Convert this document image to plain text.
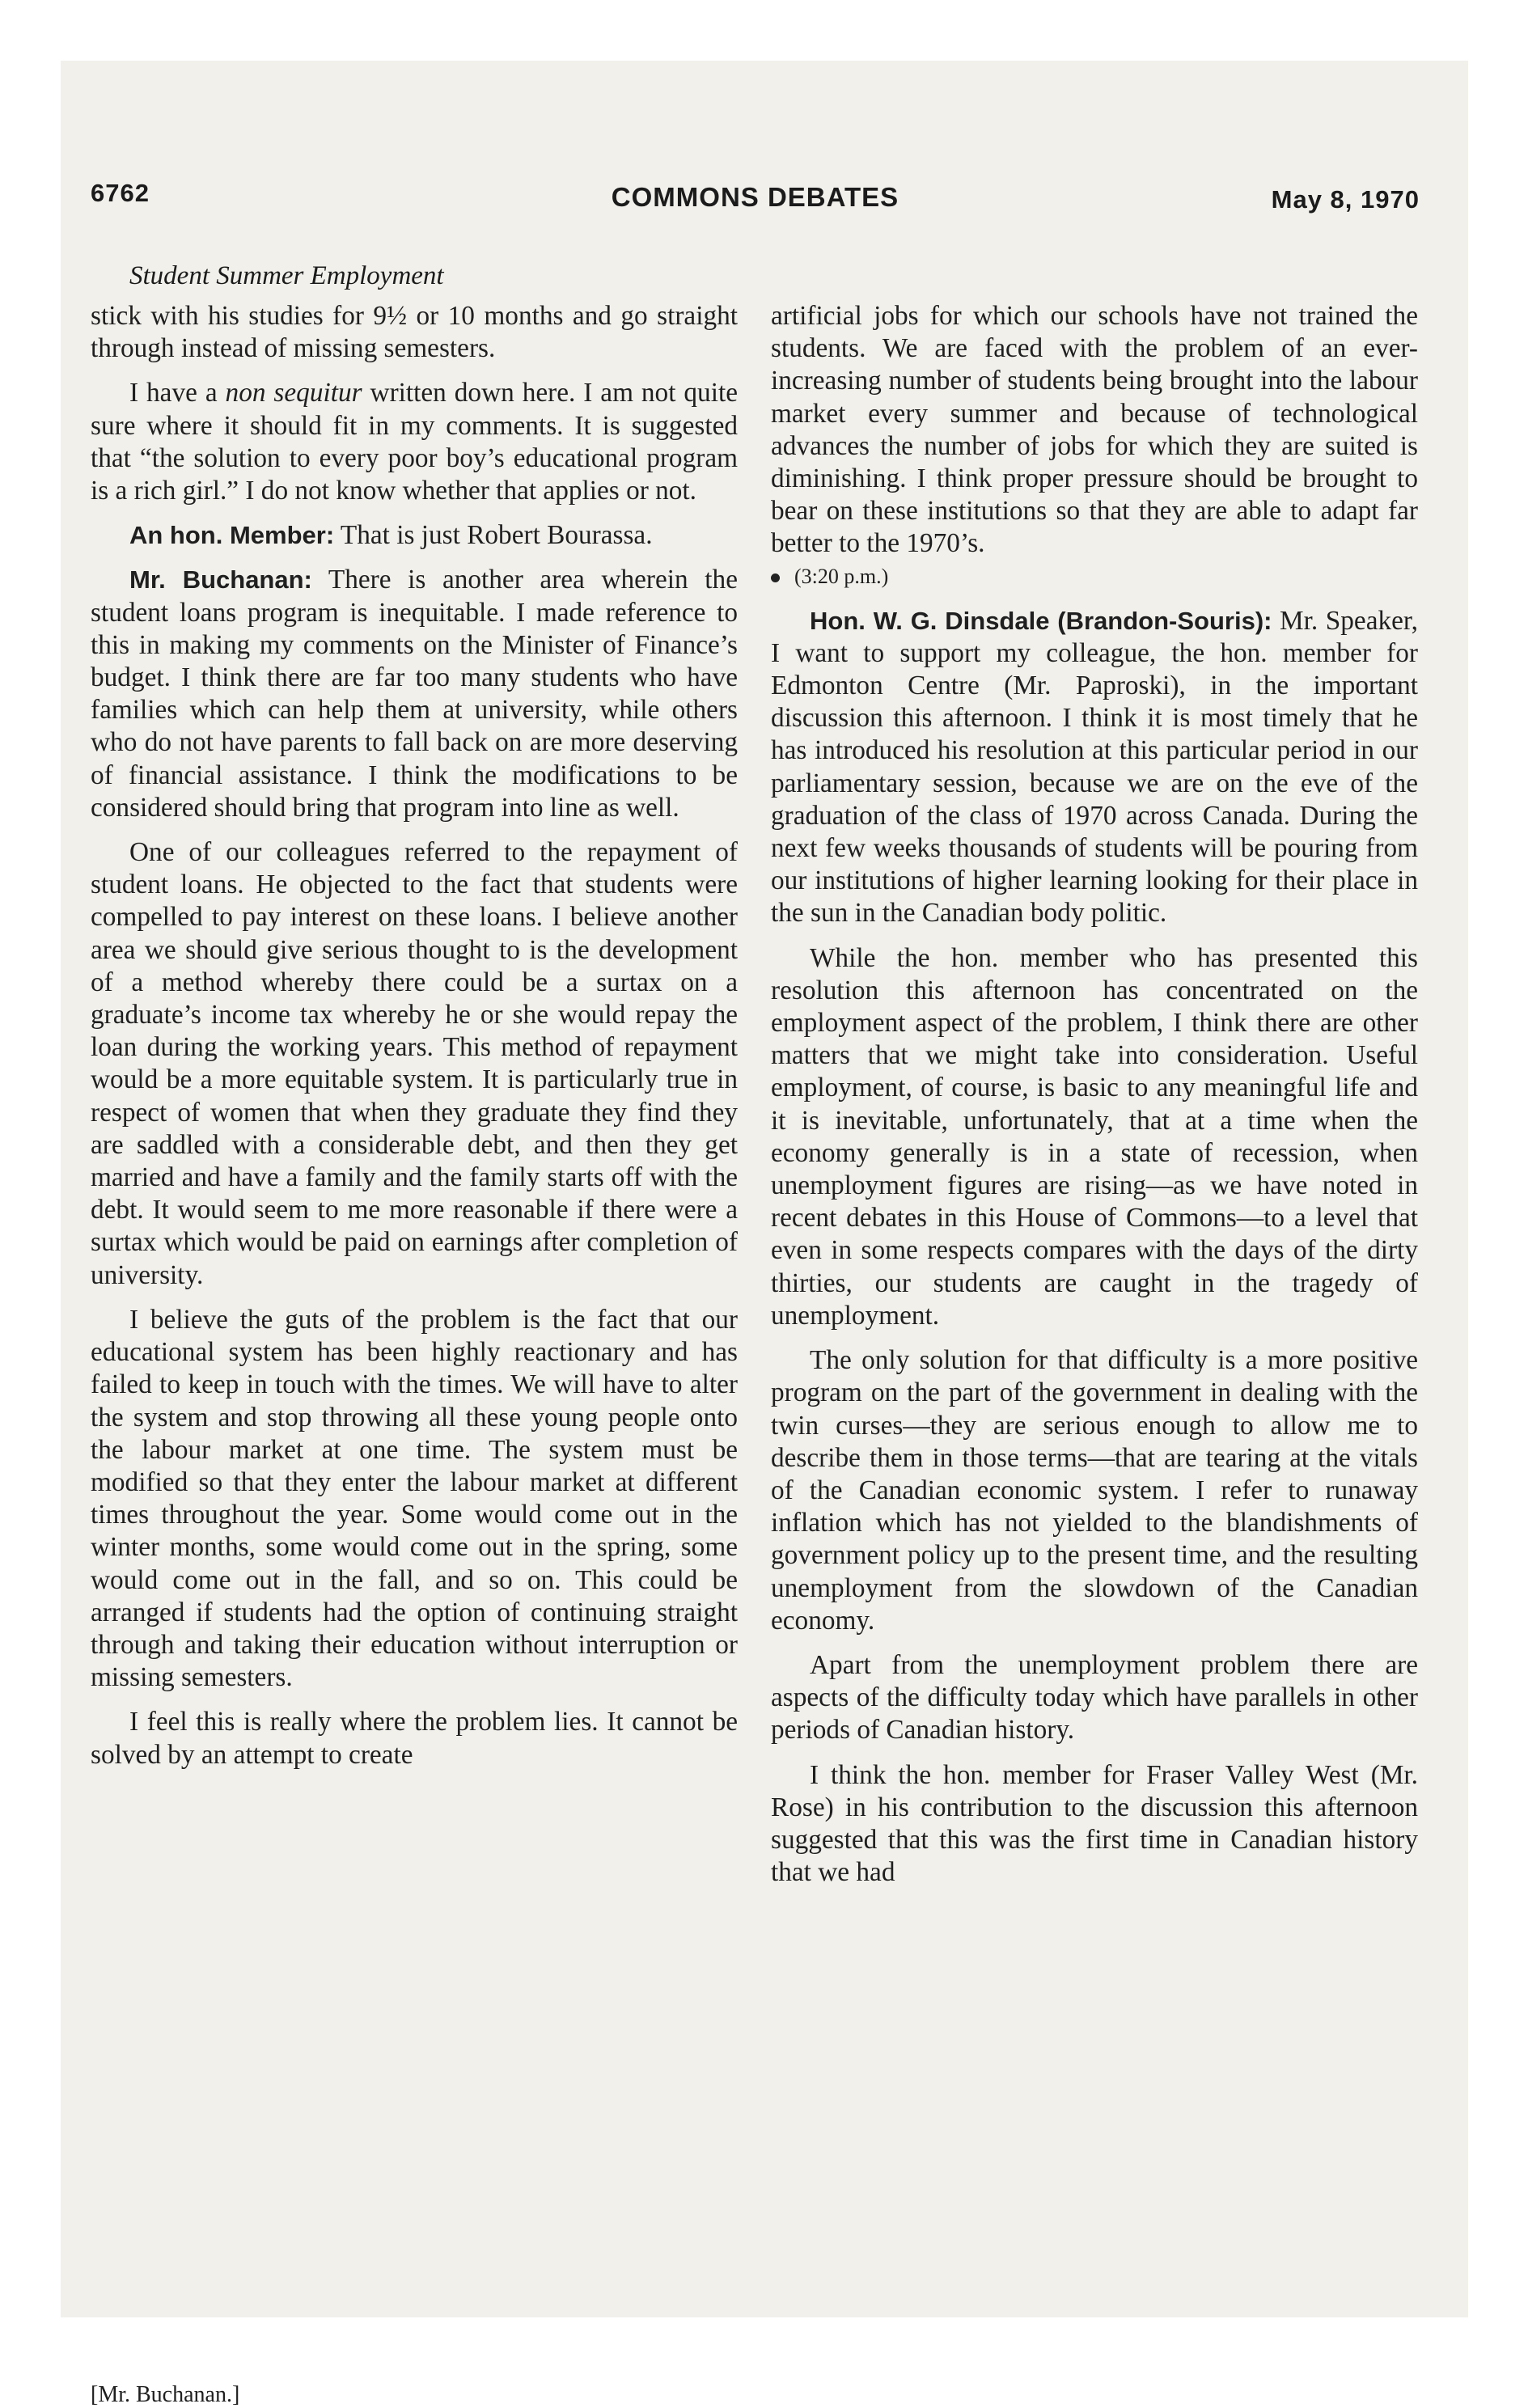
6762	COMMONS DEBATES	May 8, 1970
Student Summer Employment

stick with his studies for 9½ or 10 months and go straight through instead of missing semesters.

I have a non sequitur written down here. I am not quite sure where it should fit in my comments. It is suggested that “the solution to every poor boy’s educational program is a rich girl.” I do not know whether that applies or not.

An hon. Member: That is just Robert Bourassa.

Mr. Buchanan: There is another area wherein the student loans program is inequitable. I made reference to this in making my comments on the Minister of Finance’s budget. I think there are far too many students who have families which can help them at university, while others who do not have parents to fall back on are more deserving of financial assistance. I think the modifications to be considered should bring that program into line as well.

One of our colleagues referred to the repayment of student loans. He objected to the fact that students were compelled to pay interest on these loans. I believe another area we should give serious thought to is the development of a method whereby there could be a surtax on a graduate’s income tax whereby he or she would repay the loan during the working years. This method of repayment would be a more equitable system. It is particularly true in respect of women that when they graduate they find they are saddled with a considerable debt, and then they get married and have a family and the family starts off with the debt. It would seem to me more reasonable if there were a surtax which would be paid on earnings after completion of university.

I believe the guts of the problem is the fact that our educational system has been highly reactionary and has failed to keep in touch with the times. We will have to alter the system and stop throwing all these young people onto the labour market at one time. The system must be modified so that they enter the labour market at different times throughout the year. Some would come out in the winter months, some would come out in the spring, some would come out in the fall, and so on. This could be arranged if students had the option of continuing straight through and taking their education without interruption or missing semesters.

I feel this is really where the problem lies. It cannot be solved by an attempt to create

artificial jobs for which our schools have not trained the students. We are faced with the problem of an ever-increasing number of students being brought into the labour market every summer and because of technological advances the number of jobs for which they are suited is diminishing. I think proper pressure should be brought to bear on these institutions so that they are able to adapt far better to the 1970’s.

(3:20 p.m.)

Hon. W. G. Dinsdale (Brandon-Souris): Mr. Speaker, I want to support my colleague, the hon. member for Edmonton Centre (Mr. Paproski), in the important discussion this afternoon. I think it is most timely that he has introduced his resolution at this particular period in our parliamentary session, because we are on the eve of the graduation of the class of 1970 across Canada. During the next few weeks thousands of students will be pouring from our institutions of higher learning looking for their place in the sun in the Canadian body politic.

While the hon. member who has presented this resolution this afternoon has concentrated on the employment aspect of the problem, I think there are other matters that we might take into consideration. Useful employment, of course, is basic to any meaningful life and it is inevitable, unfortunately, that at a time when the economy generally is in a state of recession, when unemployment figures are rising—as we have noted in recent debates in this House of Commons—to a level that even in some respects compares with the days of the dirty thirties, our students are caught in the tragedy of unemployment.

The only solution for that difficulty is a more positive program on the part of the government in dealing with the twin curses—they are serious enough to allow me to describe them in those terms—that are tearing at the vitals of the Canadian economic system. I refer to runaway inflation which has not yielded to the blandishments of government policy up to the present time, and the resulting unemployment from the slowdown of the Canadian economy.

Apart from the unemployment problem there are aspects of the difficulty today which have parallels in other periods of Canadian history.

I think the hon. member for Fraser Valley West (Mr. Rose) in his contribution to the discussion this afternoon suggested that this was the first time in Canadian history that we had

[Mr. Buchanan.]
